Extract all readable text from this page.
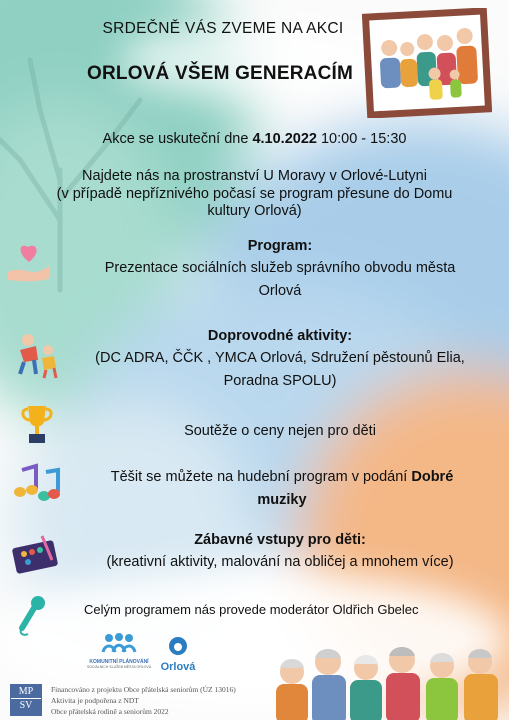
SRDEČNĚ VÁS ZVEME NA AKCI
ORLOVÁ VŠEM GENERACÍM
Akce se uskuteční dne 4.10.2022 10:00 - 15:30
Najdete nás na prostranství U Moravy v Orlové-Lutyni
(v případě nepříznivého počasí se program přesune do Domu
kultury Orlová)
Program:
Prezentace sociálních služeb správního obvodu města
Orlová
Doprovodné aktivity:
(DC ADRA, ČČK , YMCA Orlová, Sdružení pěstounů Elia,
Poradna SPOLU)
Soutěže o ceny nejen pro děti
Těšit se můžete na hudební program v podání Dobré
muziky
Zábavné vstupy pro děti:
(kreativní aktivity, malování na obličej a mnohem více)
Celým programem nás provede moderátor Oldřich Gbelec
KOMUNITNÍ PLÁNOVÁNÍ
SOCIÁLNÍCH SLUŽEB MĚSTA ORLOVÁ Orlová
MP
SV
Financováno z projektu Obce přátelská seniorům (ÚZ 13016)
Aktivita je podpořena z NDT
Obce přátelská rodině a seniorům 2022
